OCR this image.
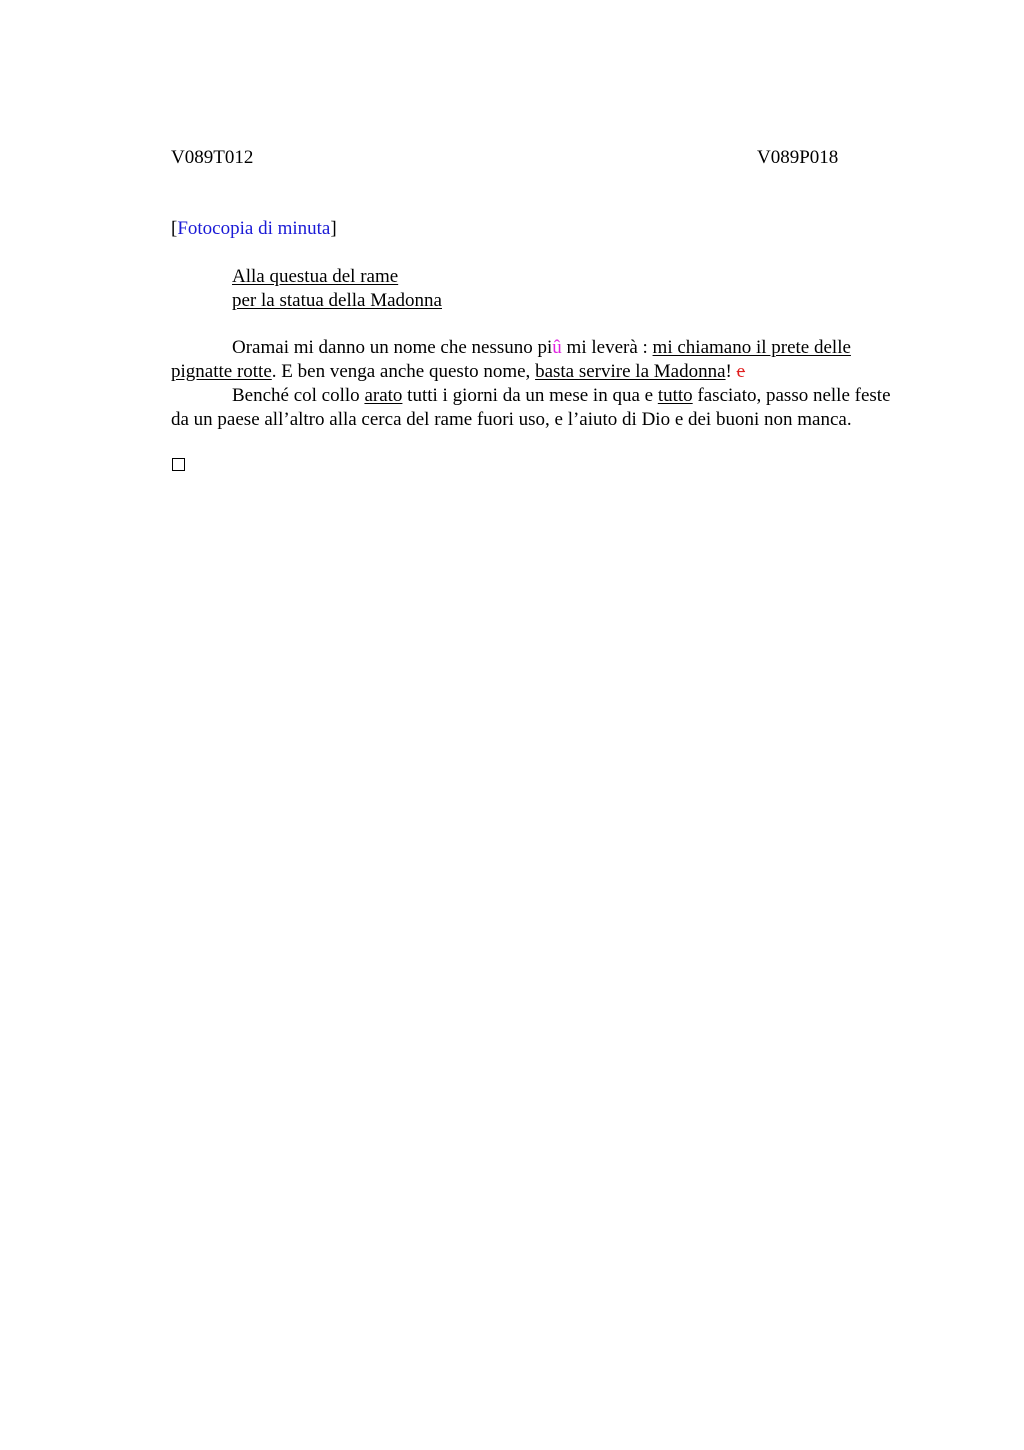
V089T012	V089P018
[Fotocopia di minuta]
Alla questua del rame
per la statua della Madonna

Oramai mi danno un nome che nessuno piû mi leverà : mi chiamano il prete delle pignatte rotte. E ben venga anche questo nome, basta servire la Madonna! e

Benché col collo arato tutti i giorni da un mese in qua e tutto fasciato, passo nelle feste da un paese all’altro alla cerca del rame fuori uso, e l’aiuto di Dio e dei buoni non manca.
